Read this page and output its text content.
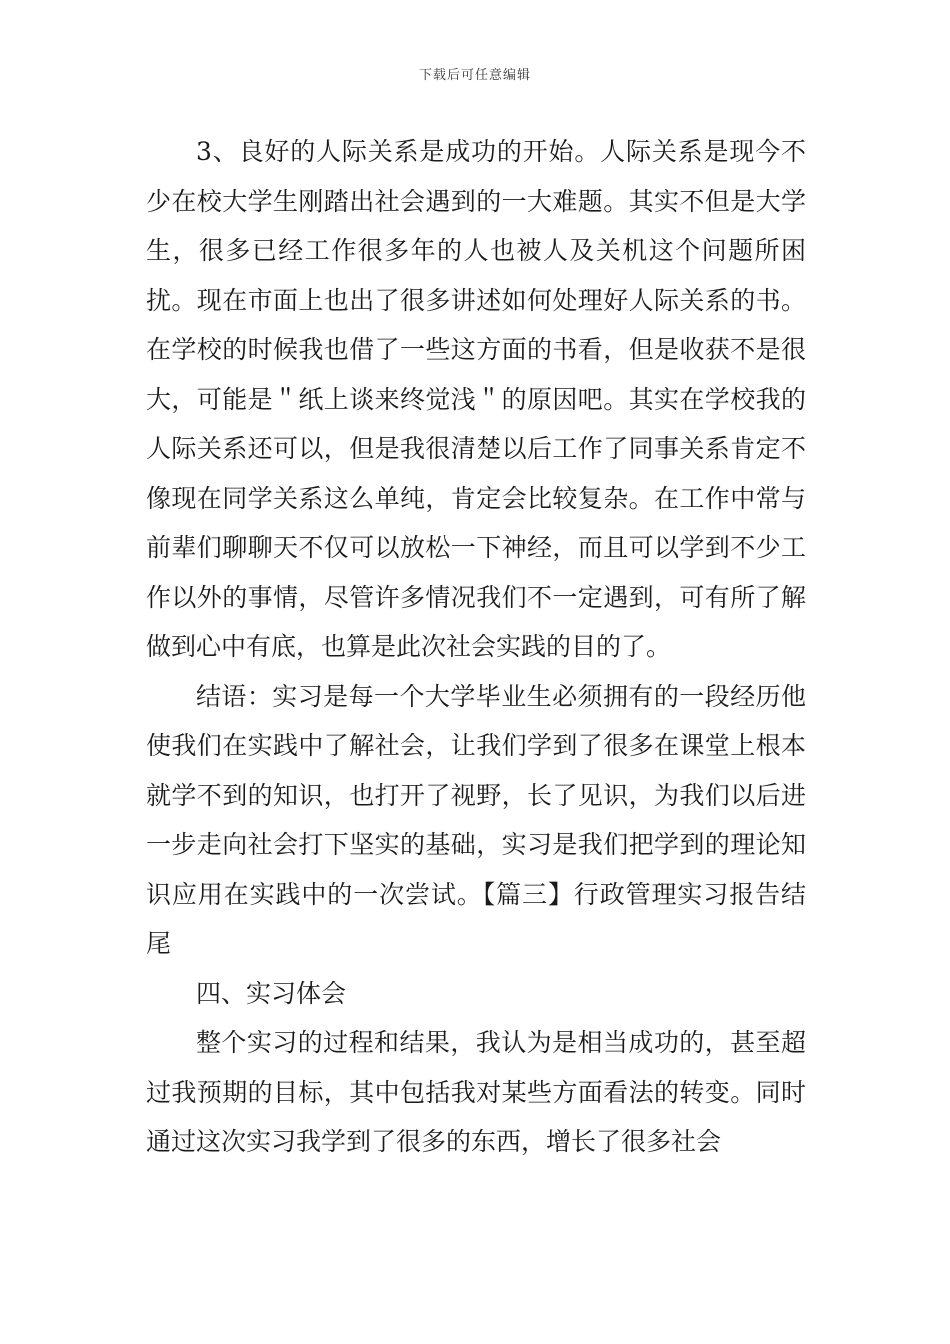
下载后可任意编辑

3、良好的人际关系是成功的开始。人际关系是现今不少在校大学生刚踏出社会遇到的一大难题。其实不但是大学生，很多已经工作很多年的人也被人及关机这个问题所困扰。现在市面上也出了很多讲述如何处理好人际关系的书。在学校的时候我也借了一些这方面的书看，但是收获不是很大，可能是＂纸上谈来终觉浅＂的原因吧。其实在学校我的人际关系还可以，但是我很清楚以后工作了同事关系肯定不像现在同学关系这么单纯，肯定会比较复杂。在工作中常与前辈们聊聊天不仅可以放松一下神经，而且可以学到不少工作以外的事情，尽管许多情况我们不一定遇到，可有所了解做到心中有底，也算是此次社会实践的目的了。

结语：实习是每一个大学毕业生必须拥有的一段经历他使我们在实践中了解社会，让我们学到了很多在课堂上根本就学不到的知识，也打开了视野，长了见识，为我们以后进一步走向社会打下坚实的基础，实习是我们把学到的理论知识应用在实践中的一次尝试。【篇三】行政管理实习报告结尾

四、实习体会

整个实习的过程和结果，我认为是相当成功的，甚至超过我预期的目标，其中包括我对某些方面看法的转变。同时通过这次实习我学到了很多的东西，增长了很多社会
